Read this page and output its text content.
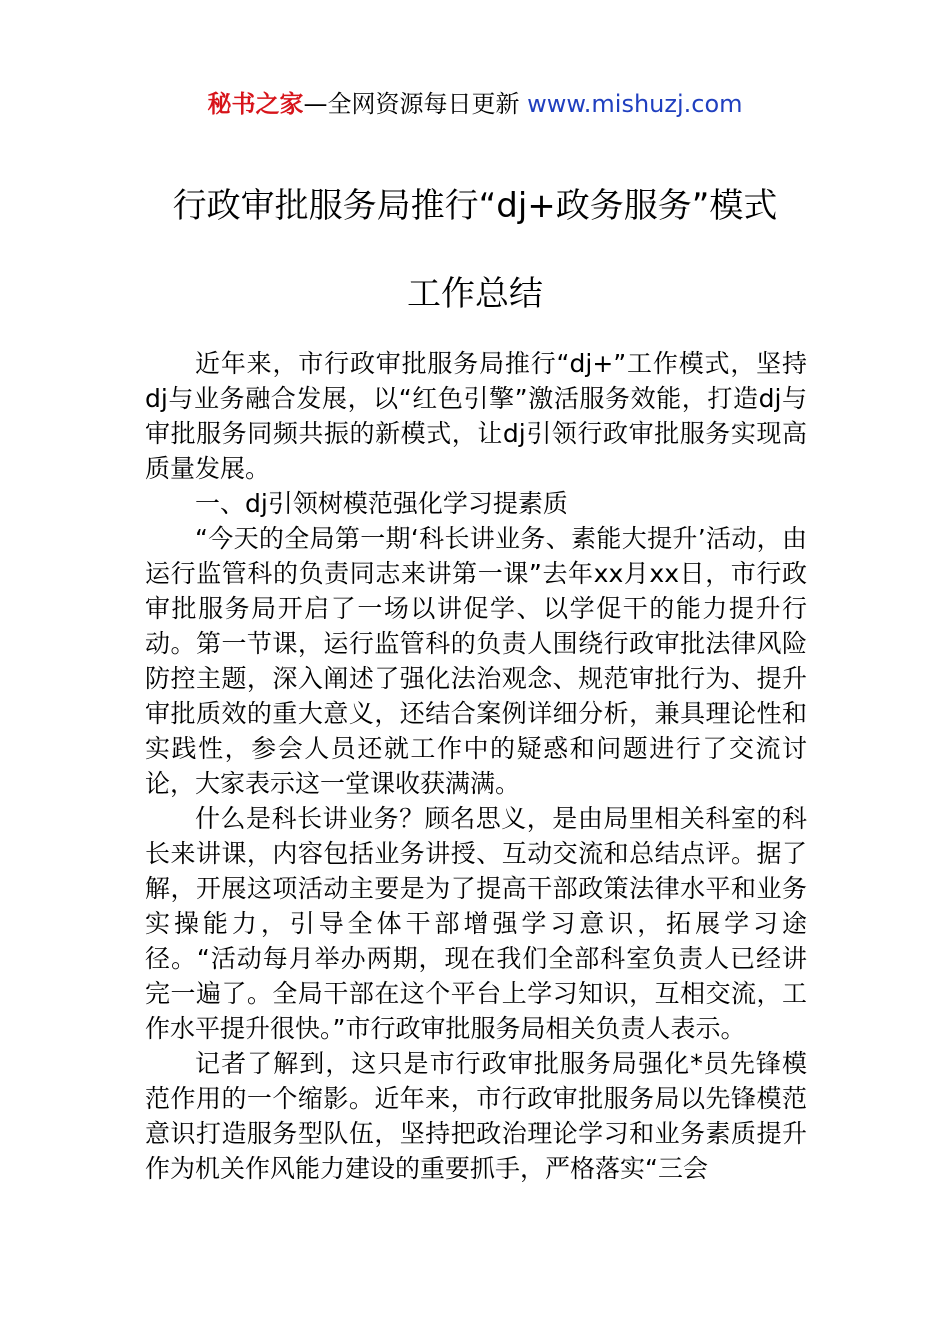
秘书之家—全网资源每日更新 www.mishuzj.com
行政审批服务局推行“dj+政务服务”模式
工作总结

近年来，市行政审批服务局推行“dj+”工作模式，坚持dj与业务融合发展，以“红色引擎”激活服务效能，打造dj与审批服务同频共振的新模式，让dj引领行政审批服务实现高质量发展。

一、dj引领树模范强化学习提素质

“今天的全局第一期‘科长讲业务、素能大提升’活动，由运行监管科的负责同志来讲第一课”去年xx月xx日，市行政审批服务局开启了一场以讲促学、以学促干的能力提升行动。第一节课，运行监管科的负责人围绕行政审批法律风险防控主题，深入阐述了强化法治观念、规范审批行为、提升审批质效的重大意义，还结合案例详细分析，兼具理论性和实践性，参会人员还就工作中的疑惑和问题进行了交流讨论，大家表示这一堂课收获满满。

什么是科长讲业务？顾名思义，是由局里相关科室的科长来讲课，内容包括业务讲授、互动交流和总结点评。据了解，开展这项活动主要是为了提高干部政策法律水平和业务实操能力，引导全体干部增强学习意识，拓展学习途径。“活动每月举办两期，现在我们全部科室负责人已经讲完一遍了。全局干部在这个平台上学习知识，互相交流，工作水平提升很快。”市行政审批服务局相关负责人表示。

记者了解到，这只是市行政审批服务局强化*员先锋模范作用的一个缩影。近年来，市行政审批服务局以先锋模范意识打造服务型队伍，坚持把政治理论学习和业务素质提升作为机关作风能力建设的重要抓手，严格落实“三会
